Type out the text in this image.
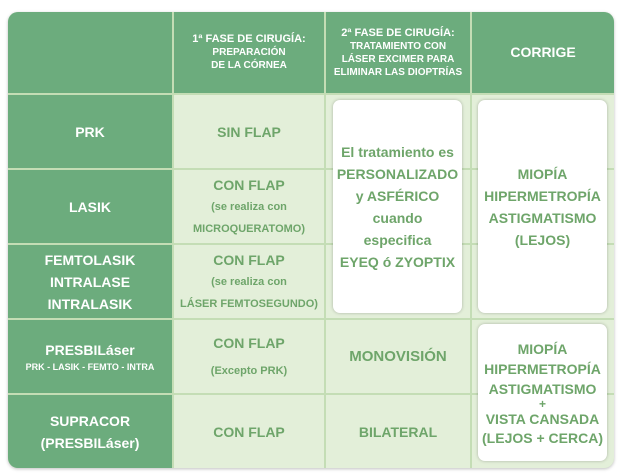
1ª FASE DE CIRUGÍA:
PREPARACIÓN
DE LA CÓRNEA
2ª FASE DE CIRUGÍA:
TRATAMIENTO CON
LÁSER EXCIMER PARA
ELIMINAR LAS DIOPTRÍAS
CORRIGE
PRK
LASIK
FEMTOLASIK
INTRALASE
INTRALASIK
PRESBILáser
PRK - LASIK - FEMTO - INTRA
SUPRACOR
(PRESBILáser)
SIN FLAP
CON FLAP
(se realiza con
MICROQUERATOMO)
CON FLAP
(se realiza con
LÁSER FEMTOSEGUNDO)
CON FLAP
(Excepto PRK)
CON FLAP
MONOVISIÓN
BILATERAL
El tratamiento es
PERSONALIZADO
y ASFÉRICO
cuando
especifica
EYEQ ó ZYOPTIX
MIOPÍA
HIPERMETROPÍA
ASTIGMATISMO
(LEJOS)
MIOPÍA
HIPERMETROPÍA
ASTIGMATISMO
+
VISTA CANSADA
(LEJOS + CERCA)
